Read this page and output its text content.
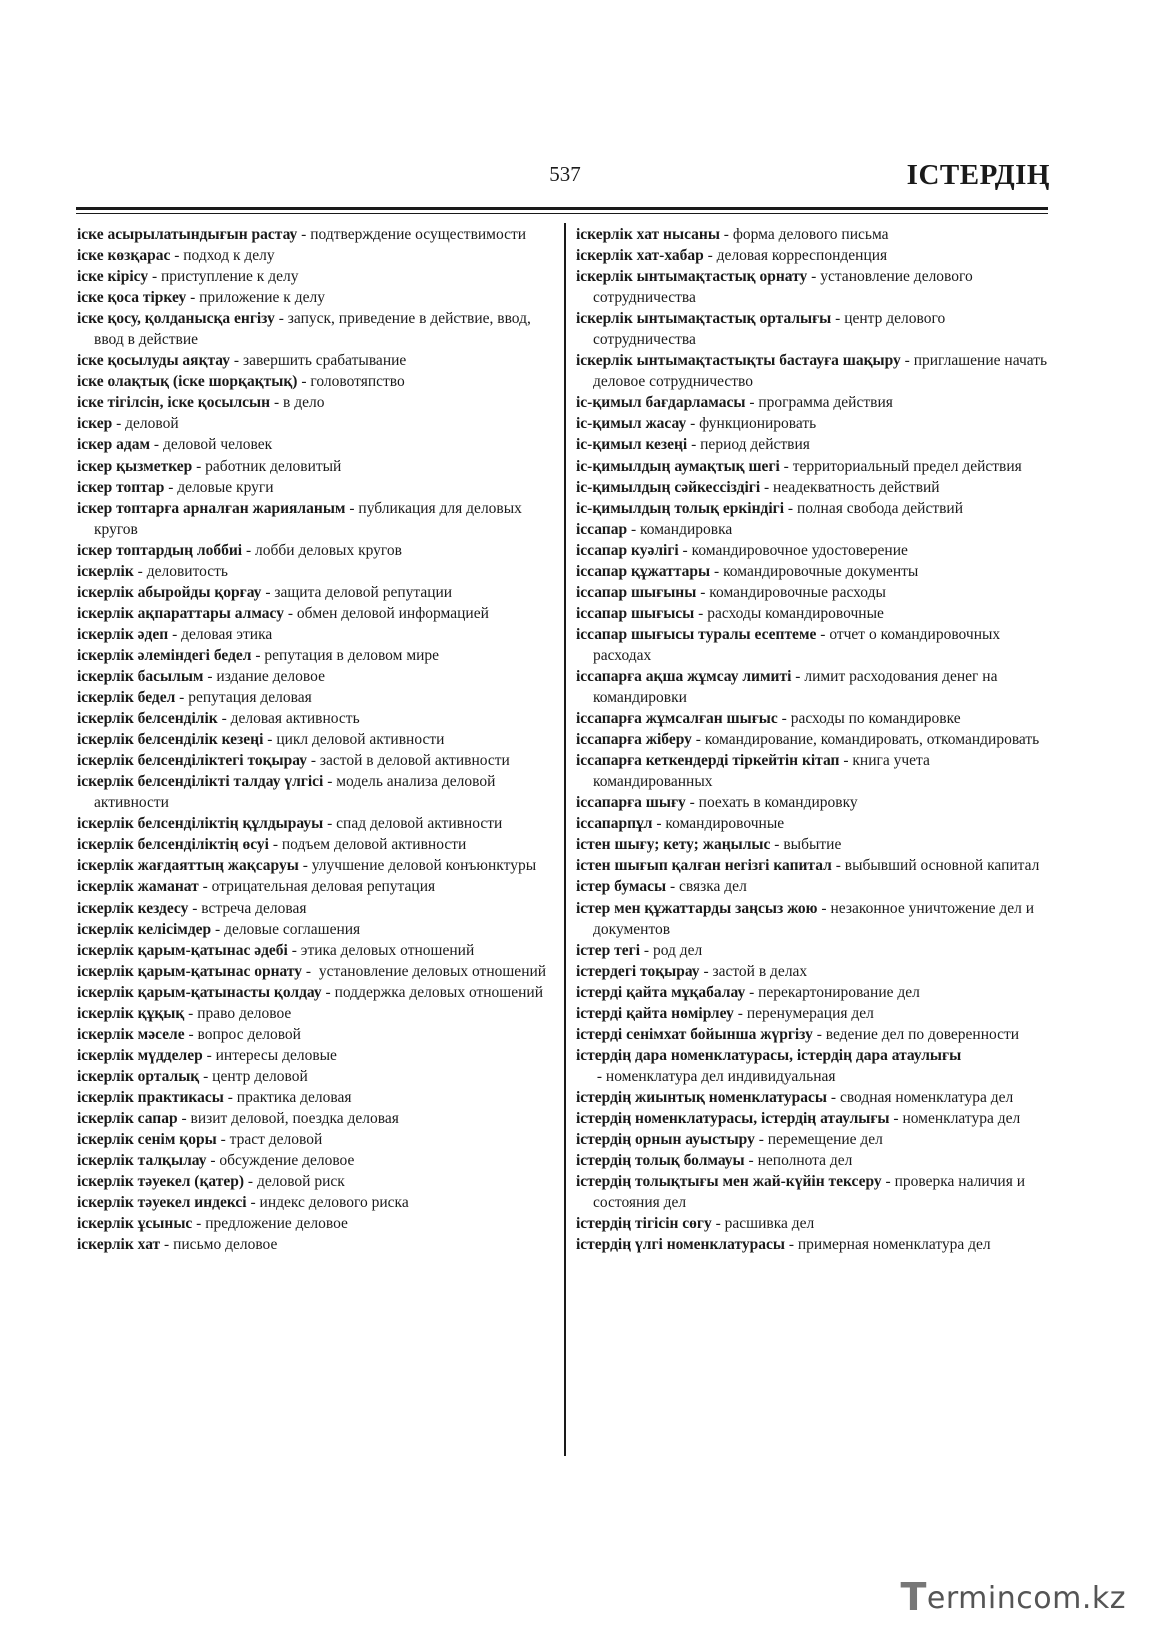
537	ІСТЕРДІҢ
іске асырылатындығын растау - подтверждение осуществимости
іске көзқарас - подход к делу
іске кірісу - приступление к делу
іске қоса тіркеу - приложение к делу
іске қосу, қолданысқа енгізу - запуск, приведение в действие, ввод, ввод в действие
іске қосылуды аяқтау - завершить срабатывание
іске олақтық (іске шорқақтық) - головотяпство
іске тігілсін, іске қосылсын - в дело
іскер - деловой
іскер адам - деловой человек
іскер қызметкер - работник деловитый
іскер топтар - деловые круги
іскер топтарға арналған жарияланым - публикация для деловых кругов
іскер топтардың лоббиі - лобби деловых кругов
іскерлік - деловитость
іскерлік абыройды қорғау - защита деловой репутации
іскерлік ақпараттары алмасу - обмен деловой информацией
іскерлік әдеп - деловая этика
іскерлік әлеміндегі бедел - репутация в деловом мире
іскерлік басылым - издание деловое
іскерлік бедел - репутация деловая
іскерлік белсенділік - деловая активность
іскерлік белсенділік кезеңі - цикл деловой активности
іскерлік белсенділіктегі тоқырау - застой в деловой активности
іскерлік белсенділікті талдау үлгісі - модель анализа деловой активности
іскерлік белсенділіктің құлдырауы - спад деловой активности
іскерлік белсенділіктің өсуі - подъем деловой активности
іскерлік жағдаяттың жақсаруы - улучшение деловой конъюнктуры
іскерлік жаманат - отрицательная деловая репутация
іскерлік кездесу - встреча деловая
іскерлік келісімдер - деловые соглашения
іскерлік қарым-қатынас әдебі - этика деловых отношений
іскерлік қарым-қатынас орнату -  установление деловых отношений
іскерлік қарым-қатынасты қолдау - поддержка деловых отношений
іскерлік құқық - право деловое
іскерлік мәселе - вопрос деловой
іскерлік мүдделер - интересы деловые
іскерлік орталық - центр деловой
іскерлік практикасы - практика деловая
іскерлік сапар - визит деловой, поездка деловая
іскерлік сенім қоры - траст деловой
іскерлік талқылау - обсуждение деловое
іскерлік тәуекел (қатер) - деловой риск
іскерлік тәуекел индексі - индекс делового риска
іскерлік ұсыныс - предложение деловое
іскерлік хат - письмо деловое
іскерлік хат нысаны - форма делового письма
іскерлік хат-хабар - деловая корреспонденция
іскерлік ынтымақтастық орнату - установление делового сотрудничества
іскерлік ынтымақтастық орталығы - центр делового сотрудничества
іскерлік ынтымақтастықты бастауға шақыру - приглашение начать деловое сотрудничество
іс-қимыл бағдарламасы - программа действия
іс-қимыл жасау - функционировать
іс-қимыл кезеңі - период действия
іс-қимылдың аумақтық шегі - территориальный предел действия
іс-қимылдың сәйкессіздігі - неадекватность действий
іс-қимылдың толық еркіндігі - полная свобода действий
іссапар - командировка
іссапар куәлігі - командировочное удостоверение
іссапар құжаттары - командировочные документы
іссапар шығыны - командировочные расходы
іссапар шығысы - расходы командировочные
іссапар шығысы туралы есептеме - отчет о командировочных расходах
іссапарға ақша жұмсау лимиті - лимит расходования денег на командировки
іссапарға жұмсалған шығыс - расходы по командировке
іссапарға жіберу - командирование, командировать, откомандировать
іссапарға кеткендерді тіркейтін кітап - книга учета командированных
іссапарға шығу - поехать в командировку
іссапарпұл - командировочные
істен шығу; кету; жаңылыс - выбытие
істен шығып қалған негізгі капитал - выбывший основной капитал
істер бумасы - связка дел
істер мен құжаттарды заңсыз жою - незаконное уничтожение дел и документов
істер тегі - род дел
істердегі тоқырау - застой в делах
істерді қайта мұқабалау - перекартонирование дел
істерді қайта нөмірлеу - перенумерация дел
істерді сенімхат бойынша жүргізу - ведение дел по доверенности
істердің дара номенклатурасы, істердің дара атаулығы - номенклатура дел индивидуальная
істердің жиынтық номенклатурасы - сводная номенклатура дел
істердің номенклатурасы, істердің атаулығы - номенклатура дел
істердің орнын ауыстыру - перемещение дел
істердің толық болмауы - неполнота дел
істердің толықтығы мен жай-күйін тексеру - проверка наличия и состояния дел
істердің тігісін сөгу - расшивка дел
істердің үлгі номенклатурасы - примерная номенклатура дел
T ermincom.kz
